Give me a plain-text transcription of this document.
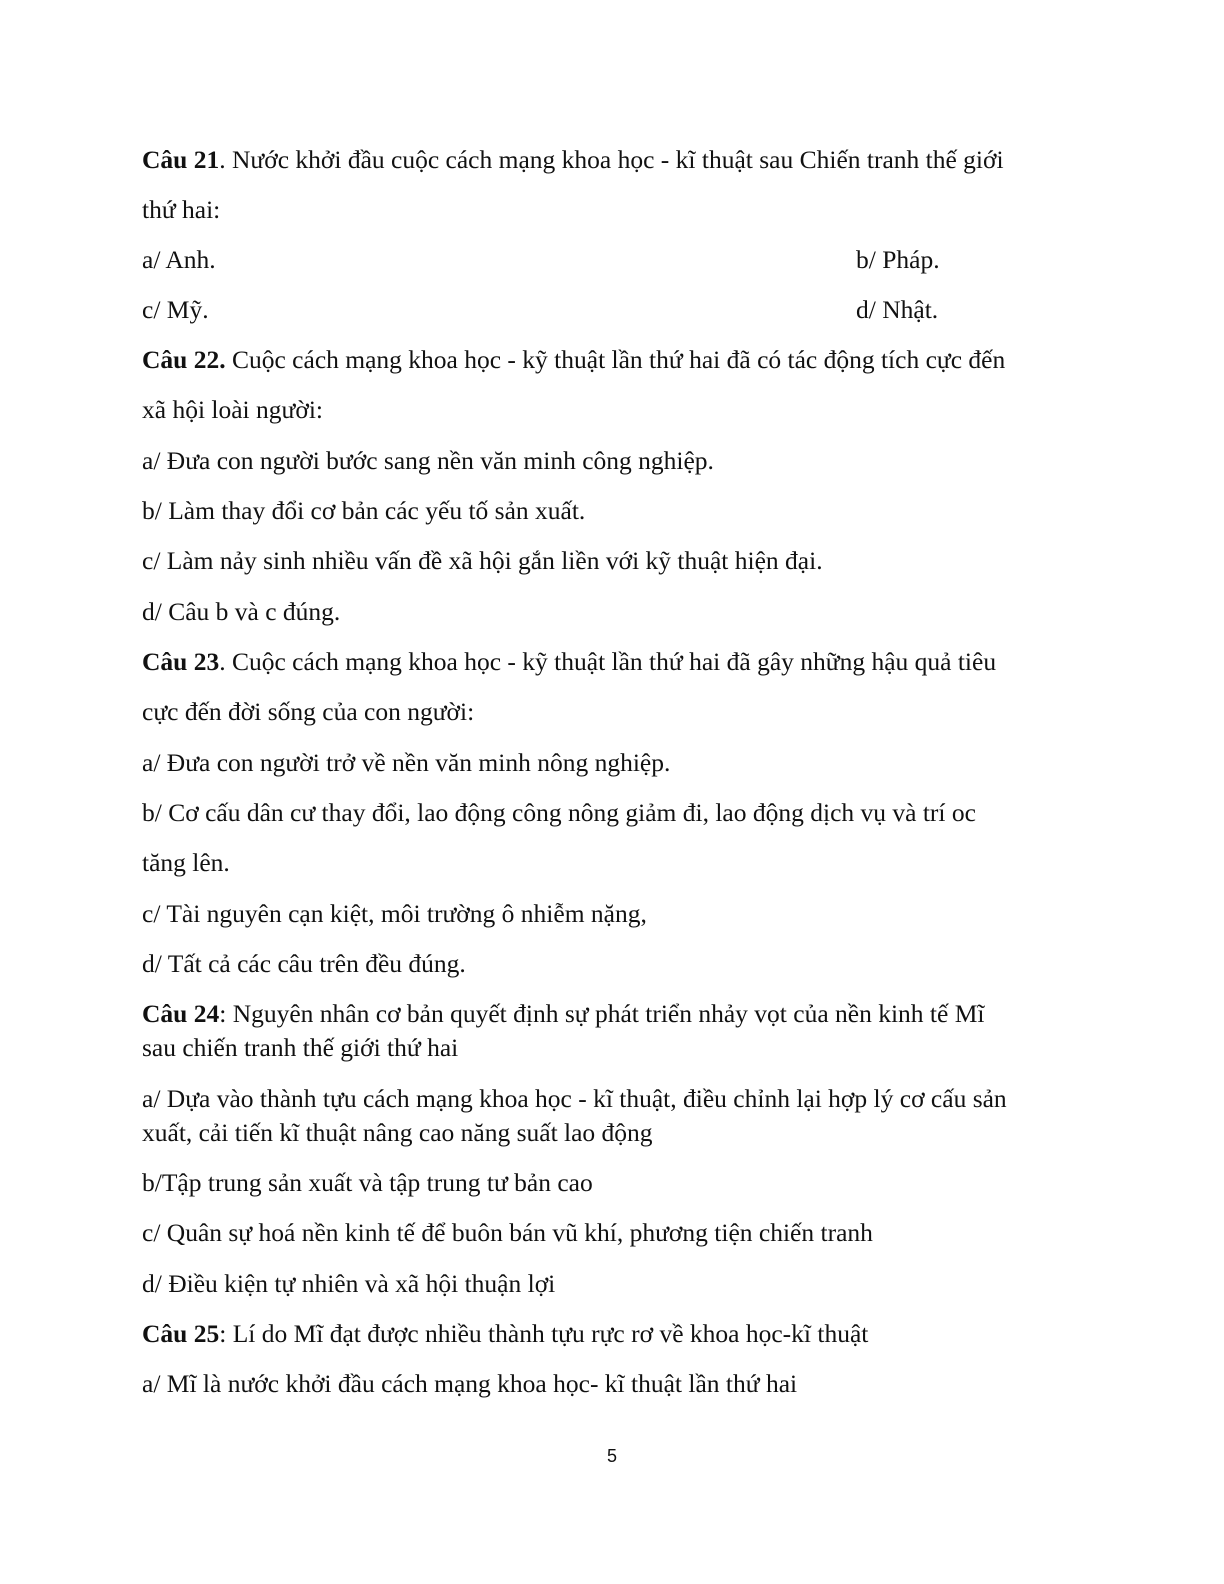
Câu 21. Nước khởi đầu cuộc cách mạng khoa học - kĩ thuật sau Chiến tranh thế giới
thứ hai:
a/ Anh.	b/ Pháp.
c/ Mỹ.	d/ Nhật.
Câu 22. Cuộc cách mạng khoa học - kỹ thuật lần thứ hai đã có tác động tích cực đến
xã hội loài người:
a/ Đưa con người bước sang nền văn minh công nghiệp.
b/ Làm thay đổi cơ bản các yếu tố sản xuất.
c/ Làm nảy sinh nhiều vấn đề xã hội gắn liền với kỹ thuật hiện đại.
d/ Câu b và c đúng.
Câu 23. Cuộc cách mạng khoa học - kỹ thuật lần thứ hai đã gây những hậu quả tiêu
cực đến đời sống của con người:
a/ Đưa con người trở về nền văn minh nông nghiệp.
b/ Cơ cấu dân cư thay đổi, lao động công nông giảm đi, lao động dịch vụ và trí oc
tăng lên.
c/ Tài nguyên cạn kiệt, môi trường ô nhiễm nặng,
d/ Tất cả các câu trên đều đúng.
Câu 24: Nguyên nhân cơ bản quyết định sự phát triển nhảy vọt của nền kinh tế Mĩ
sau chiến tranh thế giới thứ hai
a/ Dựa vào thành tựu cách mạng khoa học - kĩ thuật, điều chỉnh lại hợp lý cơ cấu sản
xuất, cải tiến kĩ thuật nâng cao năng suất lao động
b/Tập trung sản xuất và tập trung tư bản cao
c/ Quân sự hoá nền kinh tế để buôn bán vũ khí, phương tiện chiến tranh
d/ Điều kiện tự nhiên và xã hội thuận lợi
Câu 25: Lí do Mĩ đạt được nhiều thành tựu rực rơ về khoa học-kĩ thuật
a/ Mĩ là nước khởi đầu cách mạng khoa học- kĩ thuật lần thứ hai
5
